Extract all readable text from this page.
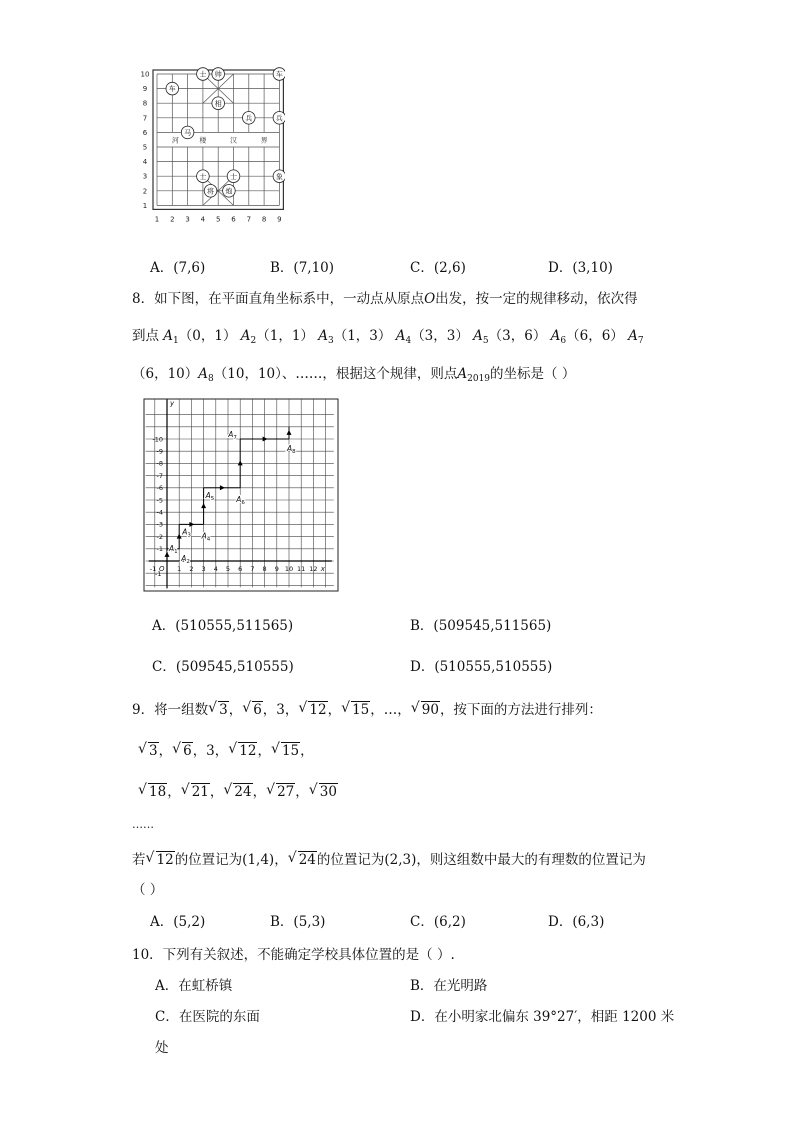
河	楼	汉	界
1
2
3
4
5
6
7
8
9
10
1 2 3 4 5 6 7 8 9
车
士 帅	车
相
兵	兵
马
士	士	象
将 炮
A．(7,6)	B．(7,10)	C．(2,6)	D．(3,10)
8．如下图，在平面直角坐标系中，一动点从原点O出发，按一定的规律移动，依次得
到点 $A_1(0$，1） $A_2(1$，1） $A_3(1$，3） $A_4(3$，3） $A_5(3$，6） $A_6(6$，6） $A_7$
（6，$10)A_8(10$，10）、……，根据这个规律，则点$A_{2019}$的坐标是（ ）
1 2 3 4 5 6 7 8 9 10 11 12
-1
-2
-3
-4
-5
-6
-7
-8
-9
-10
y
x
O
-1
-1
$A_1$
$A_2$
$A_3$ $A_4$
$A_5$	$A_6$
$A_7$
$A_8$
A．(510555,511565)	B．(509545,511565)
C．(509545,510555)	D．(510555,510555)
9．将一组数 √ 3， √ 6，3， √ 12， √ 15，…， √ 90，按下面的方法进行排列：
√ 3， √ 6，3， √ 12， √ 15，
√ 18， √ 21， √ 24， √ 27， √ 30
……
若 √ 12的位置记为(1,4)， √ 24的位置记为(2,3)，则这组数中最大的有理数的位置记为
（ ）
A．(5,2)	B．(5,3)	C．(6,2)	D．(6,3)
10．下列有关叙述，不能确定学校具体位置的是（ ）.
A．在虹桥镇	B．在光明路
C．在医院的东面	D．在小明家北偏东 39°27′，相距 1200 米
处
